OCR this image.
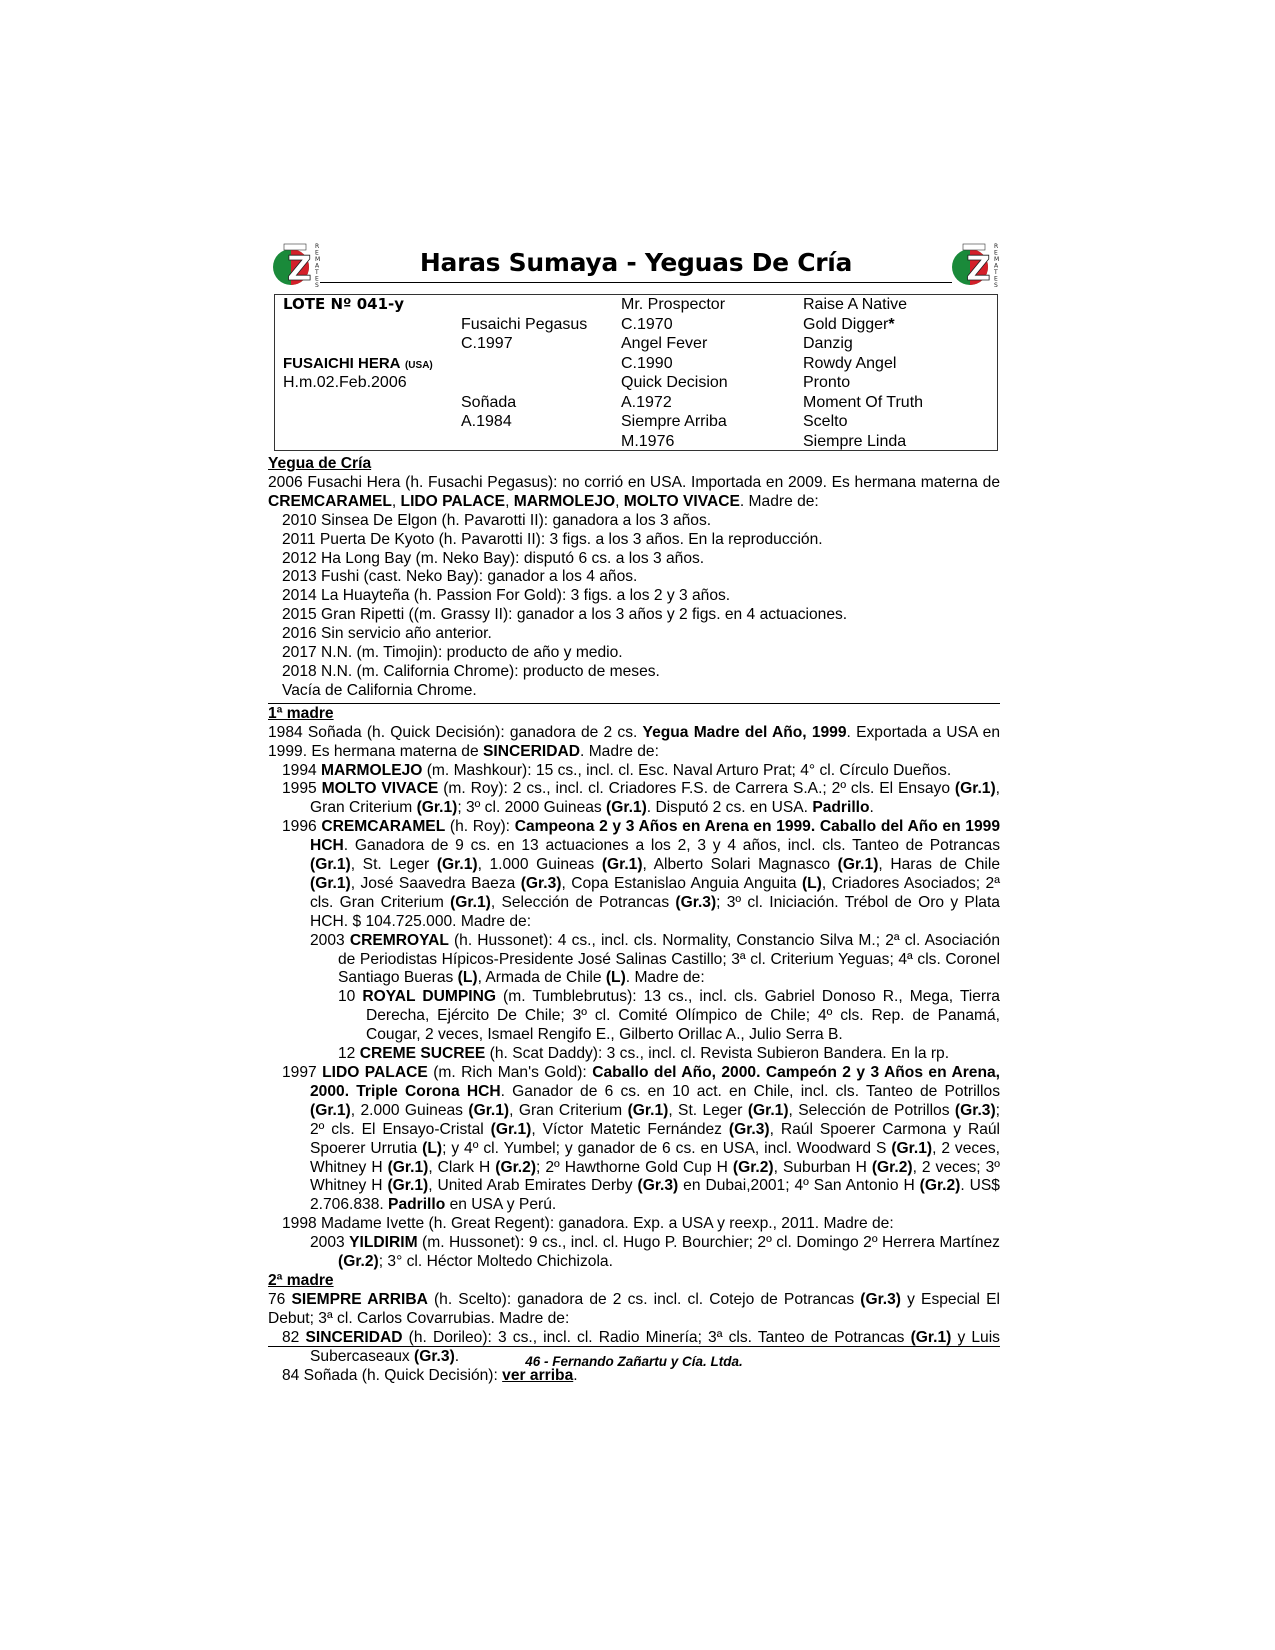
Z
R
E
M
A
T
E
S
Haras Sumaya - Yeguas De Cría	Z
R
E
M
A
T
E
S
LOTE Nº 041-y
FUSAICHI HERA (USA)
H.m.02.Feb.2006
Fusaichi Pegasus
C.1997
Soñada
A.1984
Mr. Prospector
C.1970
Angel Fever
C.1990
Quick Decision
A.1972
Siempre Arriba
M.1976
Raise A Native
Gold Digger*
Danzig
Rowdy Angel
Pronto
Moment Of Truth
Scelto
Siempre Linda
Yegua de Cría
2006 Fusachi Hera (h. Fusachi Pegasus): no corrió en USA. Importada en 2009. Es hermana materna de CREMCARAMEL, LIDO PALACE, MARMOLEJO, MOLTO VIVACE. Madre de:
2010 Sinsea De Elgon (h. Pavarotti II): ganadora a los 3 años.
2011 Puerta De Kyoto (h. Pavarotti II): 3 figs. a los 3 años. En la reproducción.
2012 Ha Long Bay (m. Neko Bay): disputó 6 cs. a los 3 años.
2013 Fushi (cast. Neko Bay): ganador a los 4 años.
2014 La Huayteña (h. Passion For Gold): 3 figs. a los 2 y 3 años.
2015 Gran Ripetti ((m. Grassy II): ganador a los 3 años y 2 figs. en 4 actuaciones.
2016 Sin servicio año anterior.
2017 N.N. (m. Timojin): producto de año y medio.
2018 N.N. (m. California Chrome): producto de meses.
Vacía de California Chrome.
1ª madre
1984 Soñada (h. Quick Decisión): ganadora de 2 cs. Yegua Madre del Año, 1999. Exportada a USA en 1999. Es hermana materna de SINCERIDAD. Madre de:
1994 MARMOLEJO (m. Mashkour): 15 cs., incl. cl. Esc. Naval Arturo Prat; 4° cl. Círculo Dueños.
1995 MOLTO VIVACE (m. Roy): 2 cs., incl. cl. Criadores F.S. de Carrera S.A.; 2º cls. El Ensayo (Gr.1), Gran Criterium (Gr.1); 3º cl. 2000 Guineas (Gr.1). Disputó 2 cs. en USA. Padrillo.
1996 CREMCARAMEL (h. Roy): Campeona 2 y 3 Años en Arena en 1999. Caballo del Año en 1999 HCH. Ganadora de 9 cs. en 13 actuaciones a los 2, 3 y 4 años, incl. cls. Tanteo de Potrancas (Gr.1), St. Leger (Gr.1), 1.000 Guineas (Gr.1), Alberto Solari Magnasco (Gr.1), Haras de Chile (Gr.1), José Saavedra Baeza (Gr.3), Copa Estanislao Anguia Anguita (L), Criadores Asociados; 2ª cls. Gran Criterium (Gr.1), Selección de Potrancas (Gr.3); 3º cl. Iniciación. Trébol de Oro y Plata HCH. $ 104.725.000. Madre de:
2003 CREMROYAL (h. Hussonet): 4 cs., incl. cls. Normality, Constancio Silva M.; 2ª cl. Asociación de Periodistas Hípicos-Presidente José Salinas Castillo; 3ª cl. Criterium Yeguas; 4ª cls. Coronel Santiago Bueras (L), Armada de Chile (L). Madre de:
10 ROYAL DUMPING (m. Tumblebrutus): 13 cs., incl. cls. Gabriel Donoso R., Mega, Tierra Derecha, Ejército De Chile; 3º cl. Comité Olímpico de Chile; 4º cls. Rep. de Panamá, Cougar, 2 veces, Ismael Rengifo E., Gilberto Orillac A., Julio Serra B.
12 CREME SUCREE (h. Scat Daddy): 3 cs., incl. cl. Revista Subieron Bandera. En la rp.
1997 LIDO PALACE (m. Rich Man's Gold): Caballo del Año, 2000. Campeón 2 y 3 Años en Arena, 2000. Triple Corona HCH. Ganador de 6 cs. en 10 act. en Chile, incl. cls. Tanteo de Potrillos (Gr.1), 2.000 Guineas (Gr.1), Gran Criterium (Gr.1), St. Leger (Gr.1), Selección de Potrillos (Gr.3); 2º cls. El Ensayo-Cristal (Gr.1), Víctor Matetic Fernández (Gr.3), Raúl Spoerer Carmona y Raúl Spoerer Urrutia (L); y 4º cl. Yumbel; y ganador de 6 cs. en USA, incl. Woodward S (Gr.1), 2 veces, Whitney H (Gr.1), Clark H (Gr.2); 2º Hawthorne Gold Cup H (Gr.2), Suburban H (Gr.2), 2 veces; 3º Whitney H (Gr.1), United Arab Emirates Derby (Gr.3) en Dubai,2001; 4º San Antonio H (Gr.2). US$ 2.706.838. Padrillo en USA y Perú.
1998 Madame Ivette (h. Great Regent): ganadora. Exp. a USA y reexp., 2011. Madre de:
2003 YILDIRIM (m. Hussonet): 9 cs., incl. cl. Hugo P. Bourchier; 2º cl. Domingo 2º Herrera Martínez (Gr.2); 3° cl. Héctor Moltedo Chichizola.
2ª madre
76 SIEMPRE ARRIBA (h. Scelto): ganadora de 2 cs. incl. cl. Cotejo de Potrancas (Gr.3) y Especial El Debut; 3ª cl. Carlos Covarrubias. Madre de:
82 SINCERIDAD (h. Dorileo): 3 cs., incl. cl. Radio Minería; 3ª cls. Tanteo de Potrancas (Gr.1) y Luis Subercaseaux (Gr.3).
84 Soñada (h. Quick Decisión): ver arriba.
46 - Fernando Zañartu y Cía. Ltda.
